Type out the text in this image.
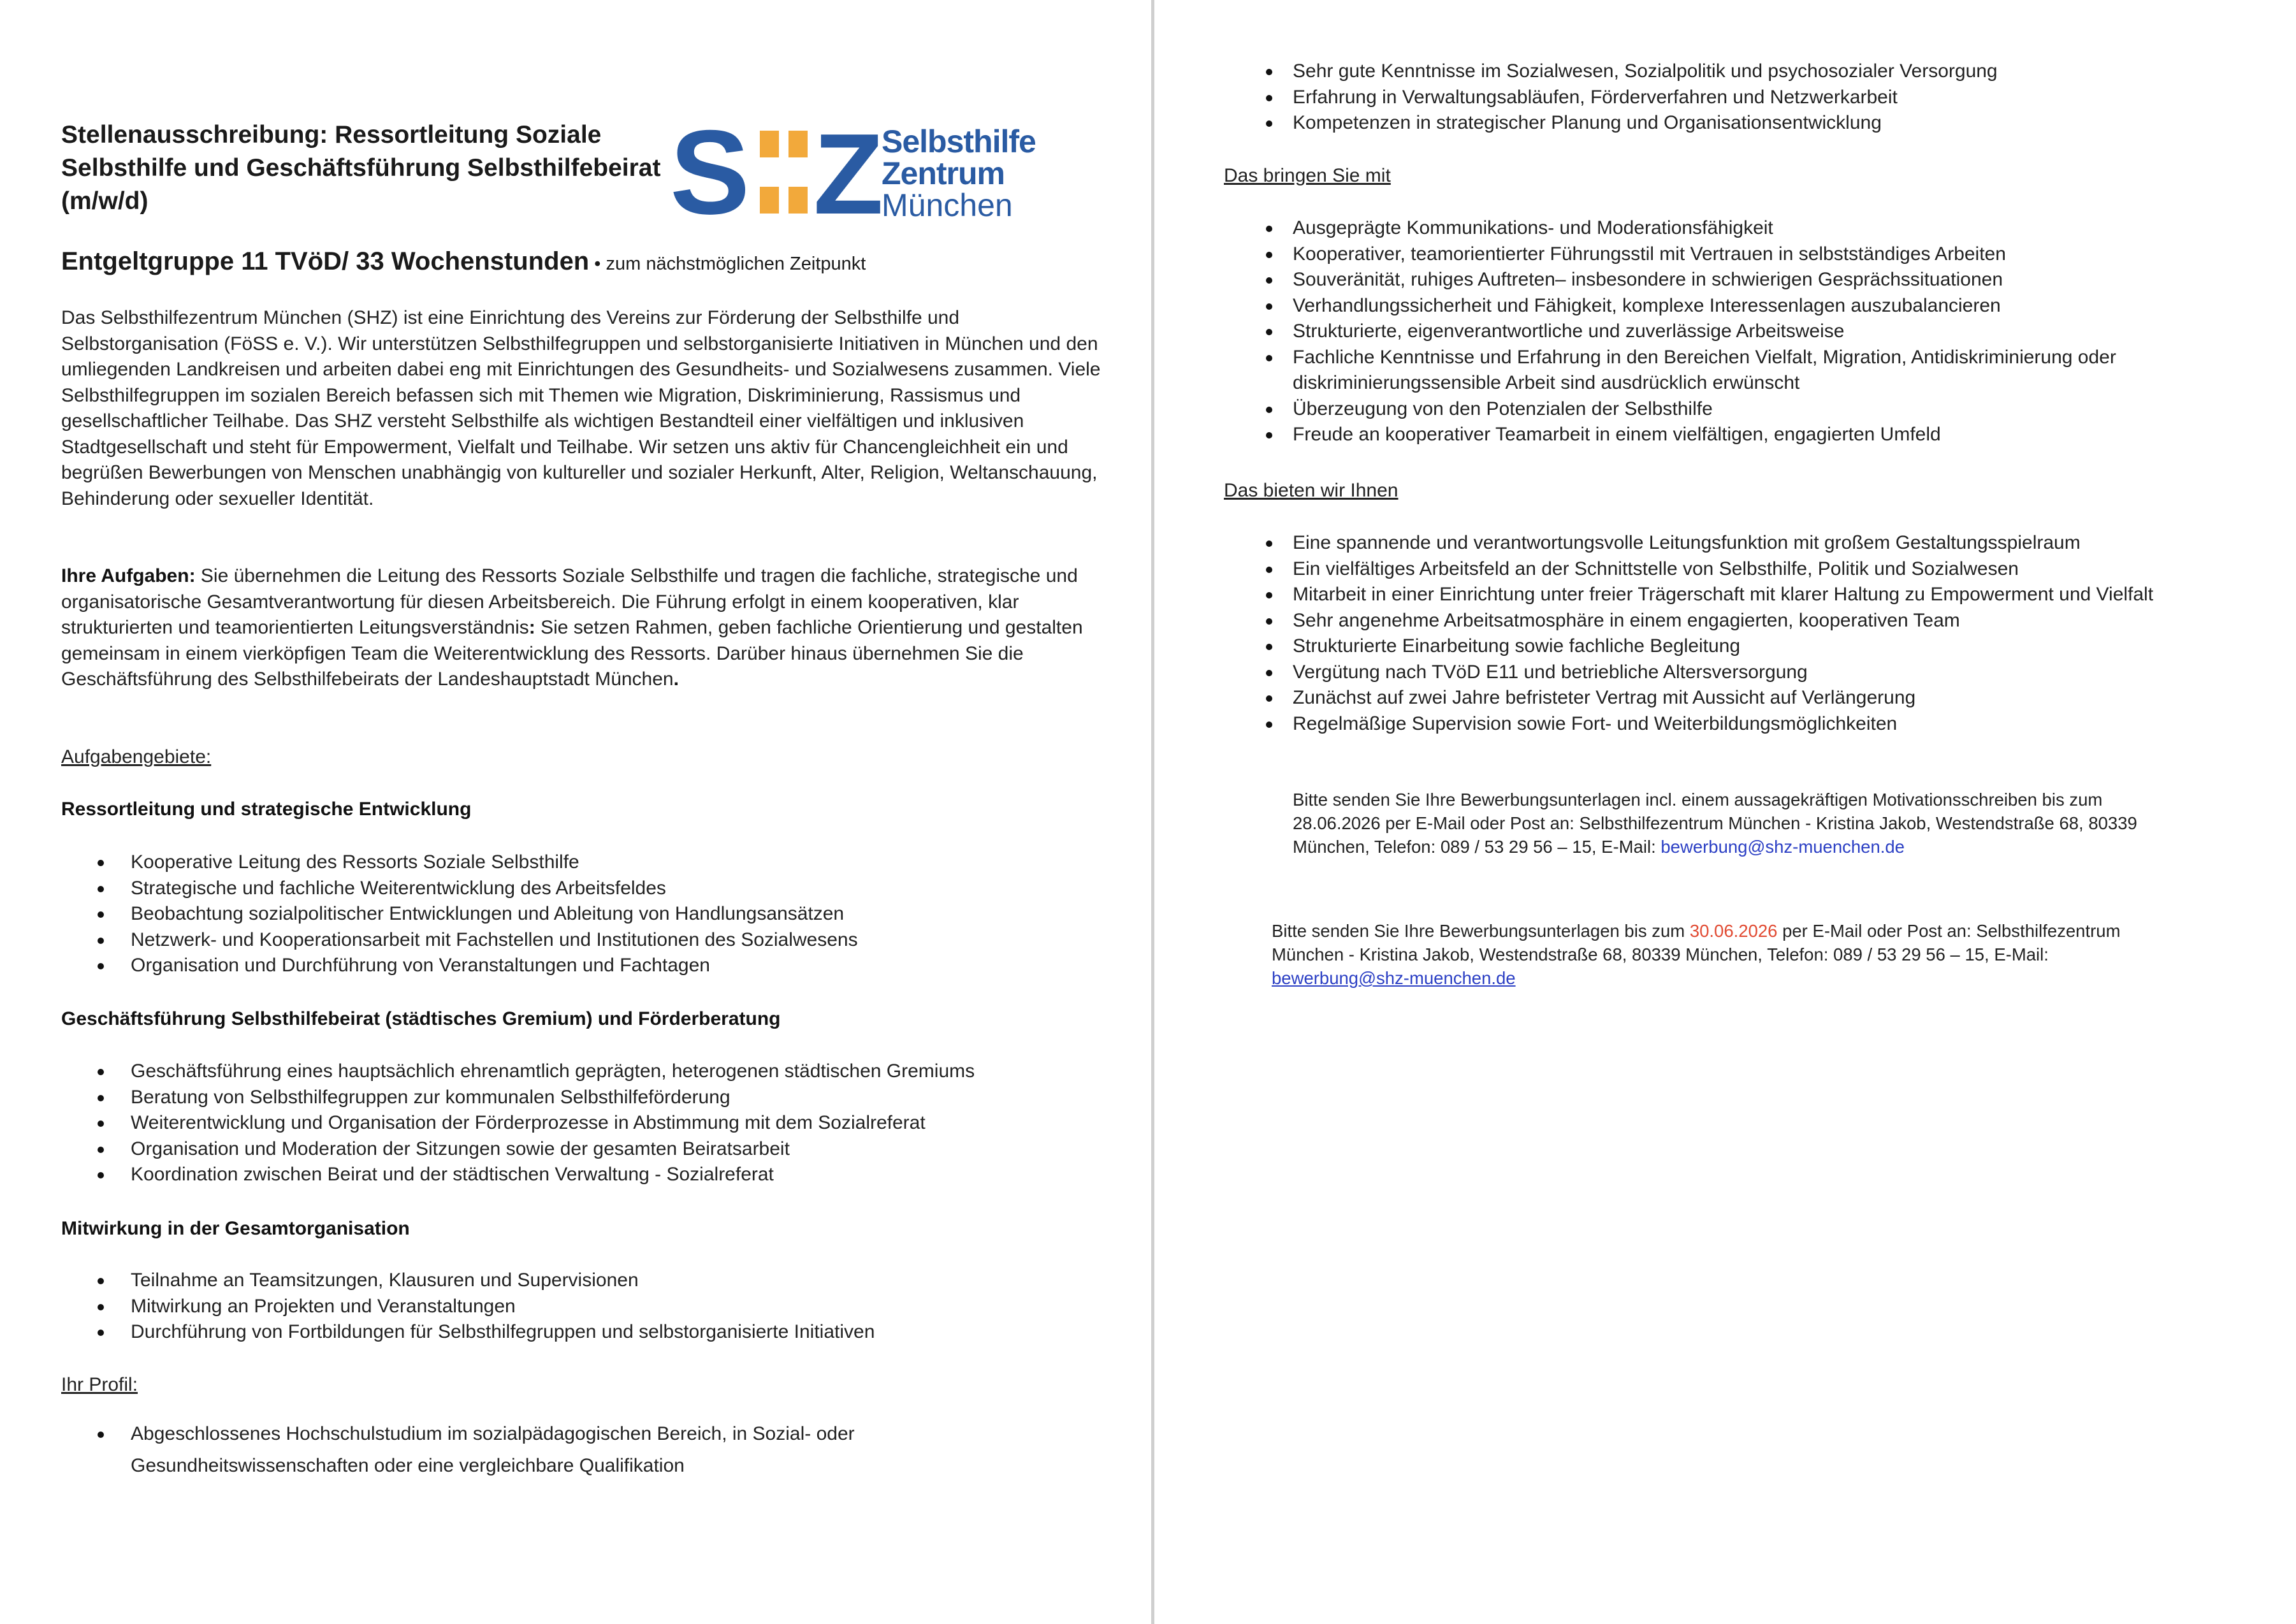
Stellenausschreibung: Ressortleitung Soziale Selbsthilfe und Geschäftsführung Selbsthilfebeirat (m/w/d)	S Z
Selbsthilfe
Zentrum
München
Entgeltgruppe 11 TVöD/ 33 Wochenstunden • zum nächstmöglichen Zeitpunkt

Das Selbsthilfezentrum München (SHZ) ist eine Einrichtung des Vereins zur Förderung der Selbsthilfe und Selbstorganisation (FöSS e. V.). Wir unterstützen Selbsthilfegruppen und selbstorganisierte Initiativen in München und den umliegenden Landkreisen und arbeiten dabei eng mit Einrichtungen des Gesundheits- und Sozialwesens zusammen. Viele Selbsthilfegruppen im sozialen Bereich befassen sich mit Themen wie Migration, Diskriminierung, Rassismus und gesellschaftlicher Teilhabe. Das SHZ versteht Selbsthilfe als wichtigen Bestandteil einer vielfältigen und inklusiven Stadtgesellschaft und steht für Empowerment, Vielfalt und Teilhabe. Wir setzen uns aktiv für Chancengleichheit ein und begrüßen Bewerbungen von Menschen unabhängig von kultureller und sozialer Herkunft, Alter, Religion, Weltanschauung, Behinderung oder sexueller Identität.

Ihre Aufgaben: Sie übernehmen die Leitung des Ressorts Soziale Selbsthilfe und tragen die fachliche, strategische und organisatorische Gesamtverantwortung für diesen Arbeitsbereich. Die Führung erfolgt in einem kooperativen, klar strukturierten und teamorientierten Leitungsverständnis: Sie setzen Rahmen, geben fachliche Orientierung und gestalten gemeinsam in einem vierköpfigen Team die Weiterentwicklung des Ressorts. Darüber hinaus übernehmen Sie die Geschäftsführung des Selbsthilfebeirats der Landeshauptstadt München.

Aufgabengebiete:
Ressortleitung und strategische Entwicklung
Kooperative Leitung des Ressorts Soziale Selbsthilfe
Strategische und fachliche Weiterentwicklung des Arbeitsfeldes
Beobachtung sozialpolitischer Entwicklungen und Ableitung von Handlungsansätzen
Netzwerk- und Kooperationsarbeit mit Fachstellen und Institutionen des Sozialwesens
Organisation und Durchführung von Veranstaltungen und Fachtagen
Geschäftsführung Selbsthilfebeirat (städtisches Gremium) und Förderberatung
Geschäftsführung eines hauptsächlich ehrenamtlich geprägten, heterogenen städtischen Gremiums
Beratung von Selbsthilfegruppen zur kommunalen Selbsthilfeförderung
Weiterentwicklung und Organisation der Förderprozesse in Abstimmung mit dem Sozialreferat
Organisation und Moderation der Sitzungen sowie der gesamten Beiratsarbeit
Koordination zwischen Beirat und der städtischen Verwaltung - Sozialreferat
Mitwirkung in der Gesamtorganisation
Teilnahme an Teamsitzungen, Klausuren und Supervisionen
Mitwirkung an Projekten und Veranstaltungen
Durchführung von Fortbildungen für Selbsthilfegruppen und selbstorganisierte Initiativen
Ihr Profil:
Abgeschlossenes Hochschulstudium im sozialpädagogischen Bereich, in Sozial- oder Gesundheitswissenschaften oder eine vergleichbare Qualifikation
Sehr gute Kenntnisse im Sozialwesen, Sozialpolitik und psychosozialer Versorgung
Erfahrung in Verwaltungsabläufen, Förderverfahren und Netzwerkarbeit
Kompetenzen in strategischer Planung und Organisationsentwicklung
Das bringen Sie mit
Ausgeprägte Kommunikations- und Moderationsfähigkeit
Kooperativer, teamorientierter Führungsstil mit Vertrauen in selbstständiges Arbeiten
Souveränität, ruhiges Auftreten– insbesondere in schwierigen Gesprächssituationen
Verhandlungssicherheit und Fähigkeit, komplexe Interessenlagen auszubalancieren
Strukturierte, eigenverantwortliche und zuverlässige Arbeitsweise
Fachliche Kenntnisse und Erfahrung in den Bereichen Vielfalt, Migration, Antidiskriminierung oder diskriminierungssensible Arbeit sind ausdrücklich erwünscht
Überzeugung von den Potenzialen der Selbsthilfe
Freude an kooperativer Teamarbeit in einem vielfältigen, engagierten Umfeld
Das bieten wir Ihnen
Eine spannende und verantwortungsvolle Leitungsfunktion mit großem Gestaltungsspielraum
Ein vielfältiges Arbeitsfeld an der Schnittstelle von Selbsthilfe, Politik und Sozialwesen
Mitarbeit in einer Einrichtung unter freier Trägerschaft mit klarer Haltung zu Empowerment und Vielfalt
Sehr angenehme Arbeitsatmosphäre in einem engagierten, kooperativen Team
Strukturierte Einarbeitung sowie fachliche Begleitung
Vergütung nach TVöD E11 und betriebliche Altersversorgung
Zunächst auf zwei Jahre befristeter Vertrag mit Aussicht auf Verlängerung
Regelmäßige Supervision sowie Fort- und Weiterbildungsmöglichkeiten

Bitte senden Sie Ihre Bewerbungsunterlagen incl. einem aussagekräftigen Motivationsschreiben bis zum 28.06.2026 per E-Mail oder Post an: Selbsthilfezentrum München - Kristina Jakob, Westendstraße 68, 80339 München, Telefon: 089 / 53 29 56 – 15, E-Mail: bewerbung@shz-muenchen.de

Bitte senden Sie Ihre Bewerbungsunterlagen bis zum 30.06.2026 per E-Mail oder Post an: Selbsthilfezentrum München - Kristina Jakob, Westendstraße 68, 80339 München, Telefon: 089 / 53 29 56 – 15, E-Mail: bewerbung@shz-muenchen.de
